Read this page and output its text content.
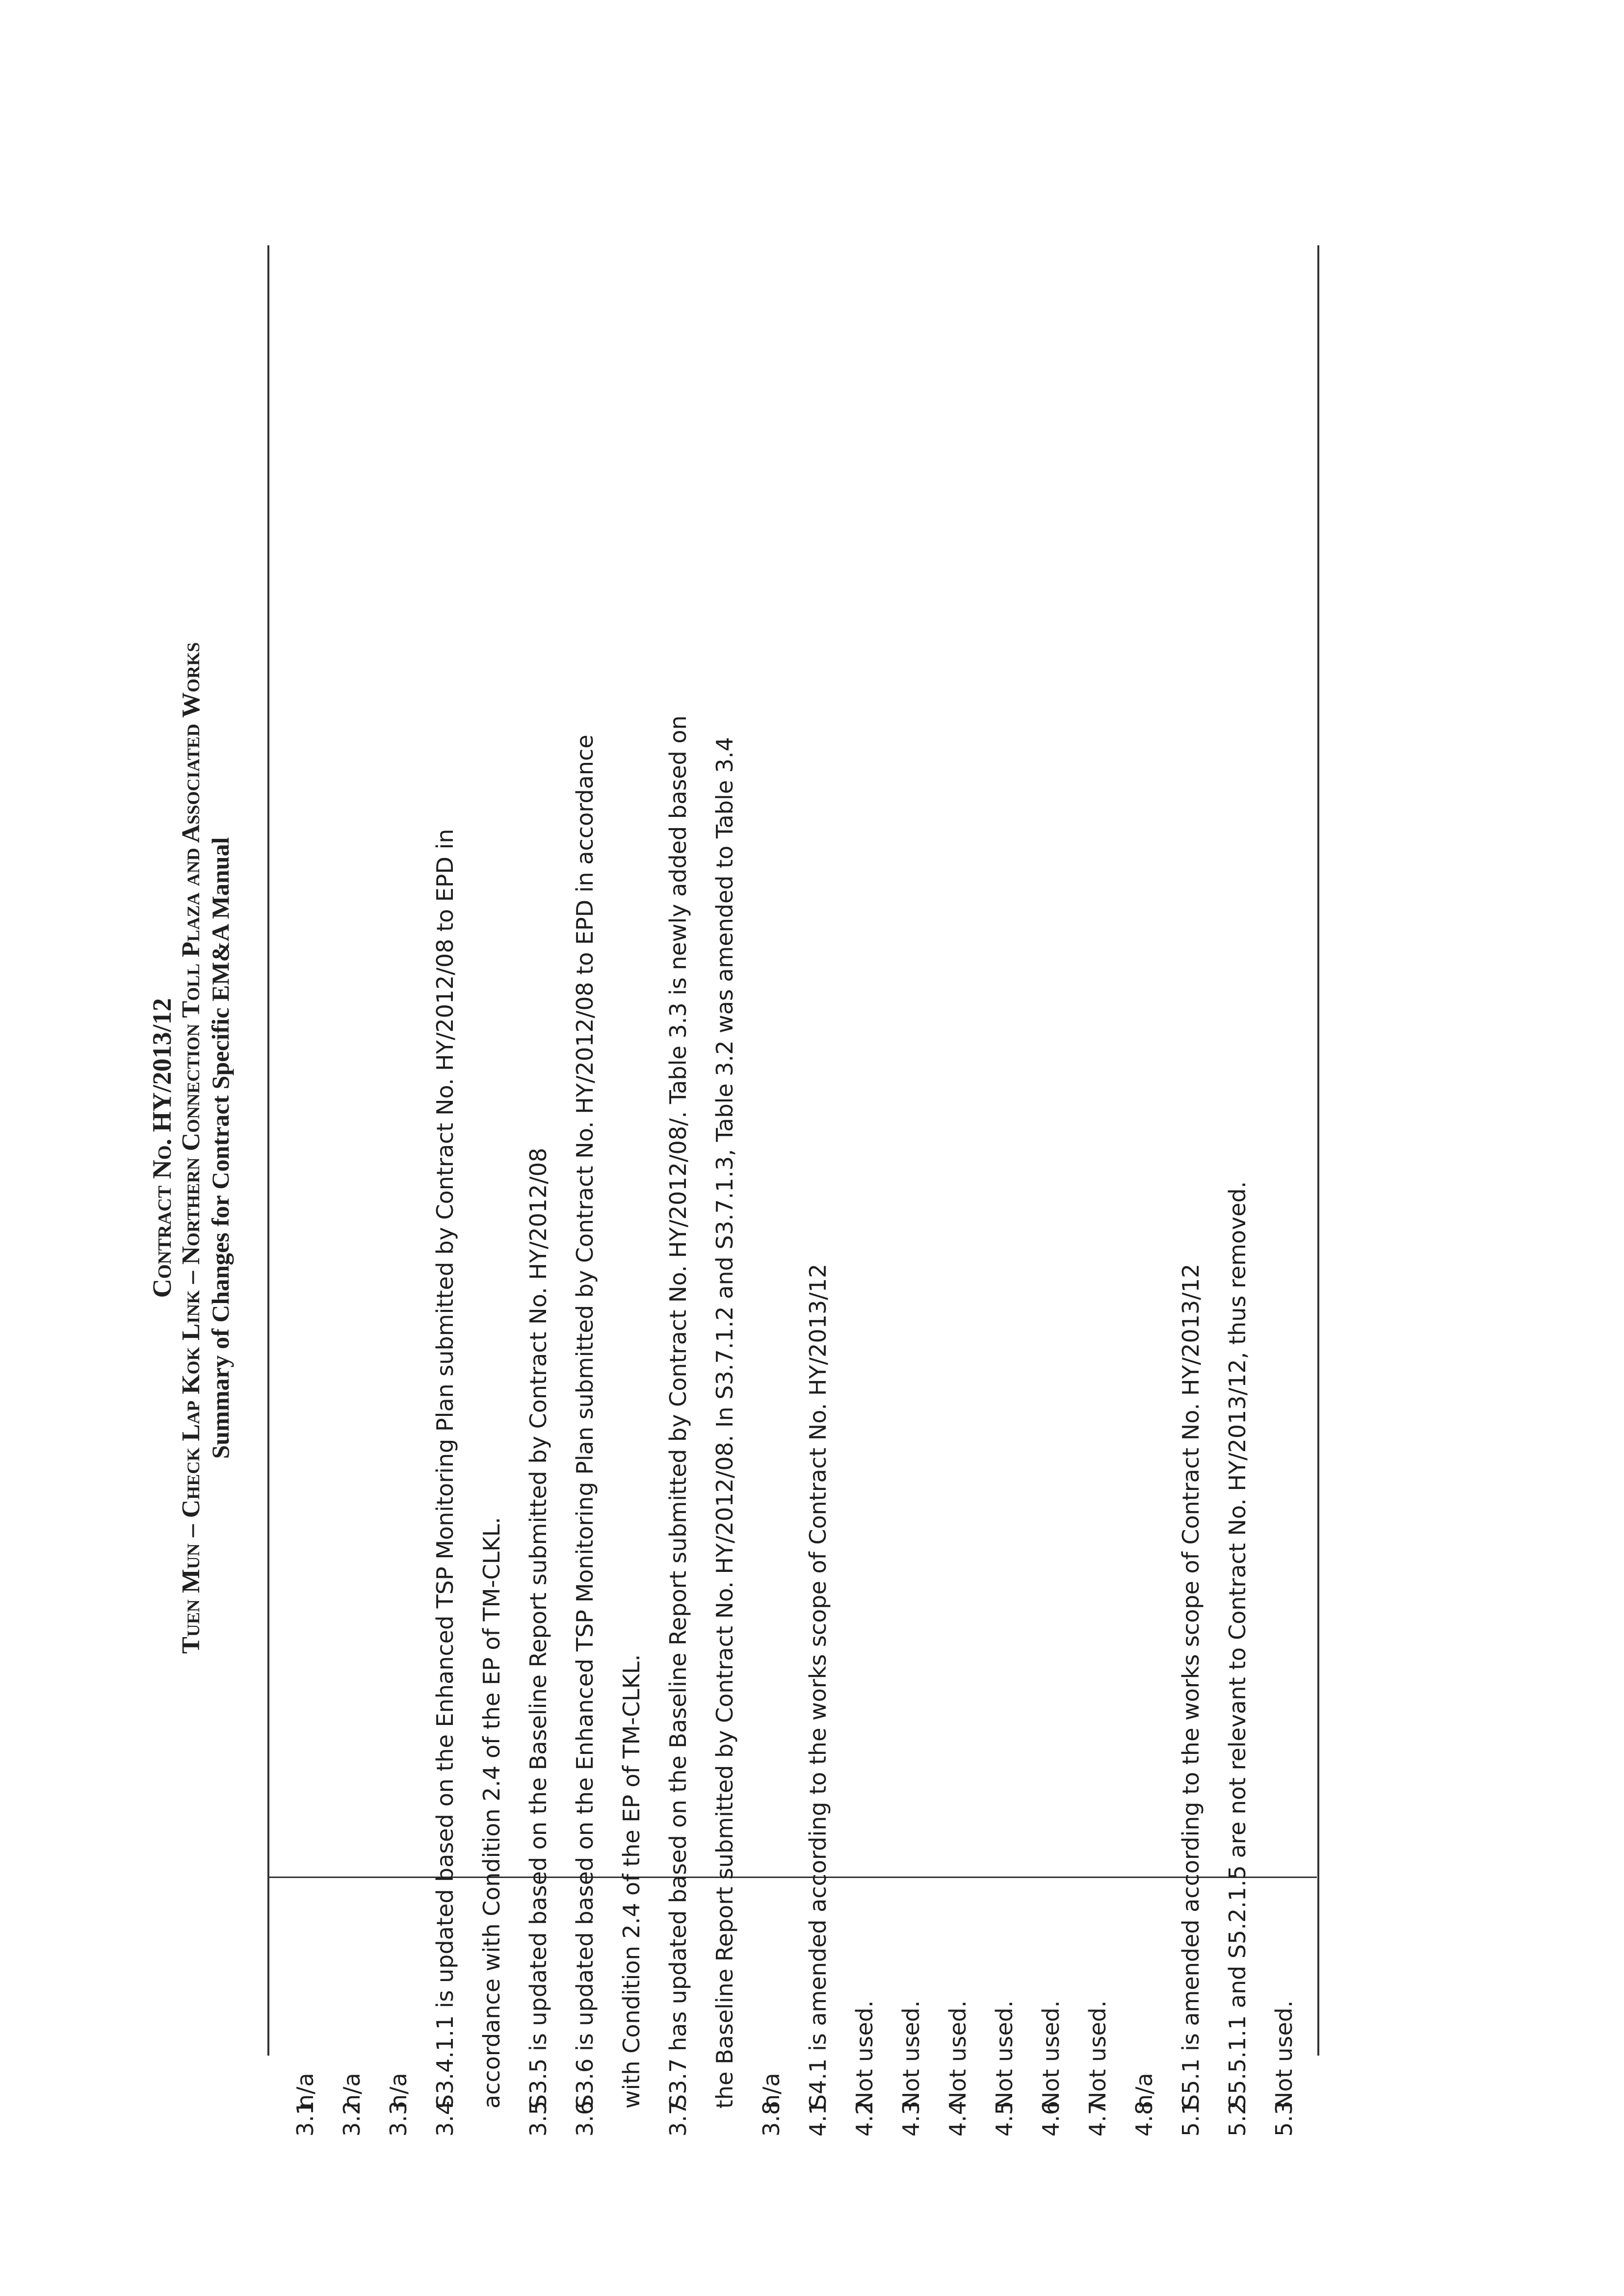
Contract No. HY/2013/12 Tuen Mun – Check Lap Kok Link – Northern Connection Toll Plaza and Associated Works Summary of Changes for Contract Specific EM&A Manual
3.1
n/a
3.2
n/a
3.3
n/a
3.4
S3.4.1.1 is updated based on the Enhanced TSP Monitoring Plan submitted by Contract No. HY/2012/08 to EPD in accordance with Condition 2.4 of the EP of TM-CLKL.
3.5
S3.5 is updated based on the Baseline Report submitted by Contract No. HY/2012/08
3.6
S3.6 is updated based on the Enhanced TSP Monitoring Plan submitted by Contract No. HY/2012/08 to EPD in accordance with Condition 2.4 of the EP of TM-CLKL.
3.7
S3.7 has updated based on the Baseline Report submitted by Contract No. HY/2012/08/. Table 3.3 is newly added based on the Baseline Report submitted by Contract No. HY/2012/08. In S3.7.1.2 and S3.7.1.3, Table 3.2 was amended to Table 3.4
3.8
n/a
4.1
S4.1 is amended according to the works scope of Contract No. HY/2013/12
4.2
Not used.
4.3
Not used.
4.4
Not used.
4.5
Not used.
4.6
Not used.
4.7
Not used.
4.8
n/a
5.1
S5.1 is amended according to the works scope of Contract No. HY/2013/12
5.2
S5.5.1.1 and S5.2.1.5 are not relevant to Contract No. HY/2013/12, thus removed.
5.3
Not used.
